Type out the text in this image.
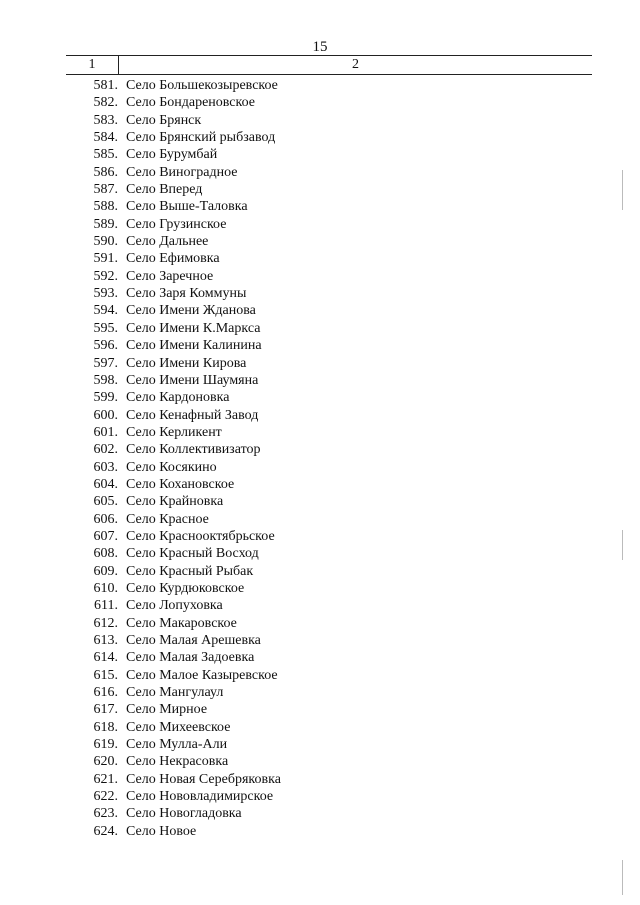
15
1	2
581. Село Большекозыревское
582. Село Бондареновское
583. Село Брянск
584. Село Брянский рыбзавод
585. Село Бурумбай
586. Село Виноградное
587. Село Вперед
588. Село Выше-Таловка
589. Село Грузинское
590. Село Дальнее
591. Село Ефимовка
592. Село Заречное
593. Село Заря Коммуны
594. Село Имени Жданова
595. Село Имени К.Маркса
596. Село Имени Калинина
597. Село Имени Кирова
598. Село Имени Шаумяна
599. Село Кардоновка
600. Село Кенафный Завод
601. Село Керликент
602. Село Коллективизатор
603. Село Косякино
604. Село Кохановское
605. Село Крайновка
606. Село Красное
607. Село Краснооктябрьское
608. Село Красный Восход
609. Село Красный Рыбак
610. Село Курдюковское
611. Село Лопуховка
612. Село Макаровское
613. Село Малая Арешевка
614. Село Малая Задоевка
615. Село Малое Казыревское
616. Село Мангулаул
617. Село Мирное
618. Село Михеевское
619. Село Мулла-Али
620. Село Некрасовка
621. Село Новая Серебряковка
622. Село Нововладимирское
623. Село Новогладовка
624. Село Новое
